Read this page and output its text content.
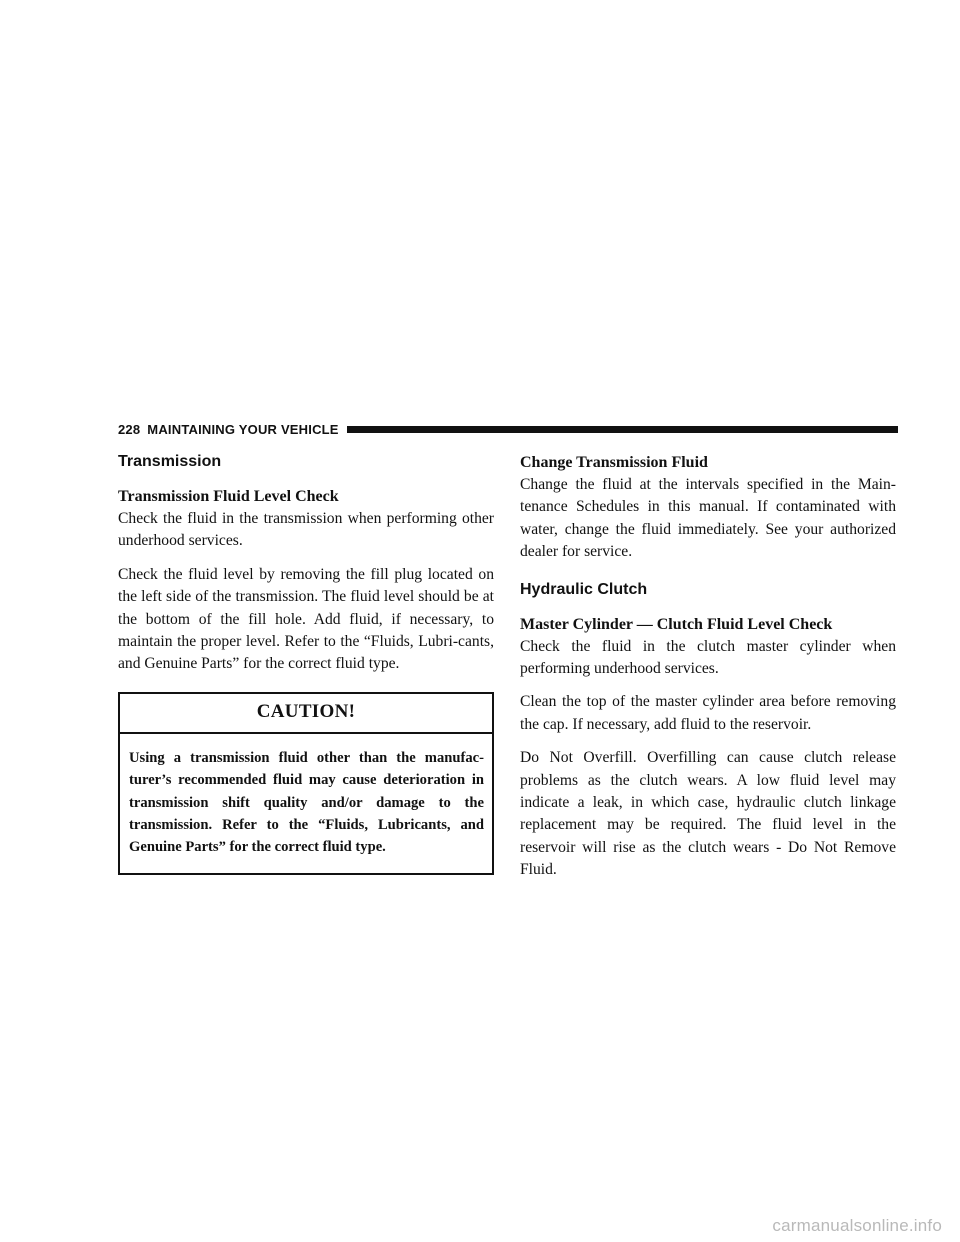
228 MAINTAINING YOUR VEHICLE
Transmission
Transmission Fluid Level Check

Check the fluid in the transmission when performing other underhood services.

Check the fluid level by removing the fill plug located on the left side of the transmission. The fluid level should be at the bottom of the fill hole. Add fluid, if necessary, to maintain the proper level. Refer to the “Fluids, Lubri-cants, and Genuine Parts” for the correct fluid type.

CAUTION!
Using a transmission fluid other than the manufac-turer’s recommended fluid may cause deterioration in transmission shift quality and/or damage to the transmission. Refer to the “Fluids, Lubricants, and Genuine Parts” for the correct fluid type.
Change Transmission Fluid

Change the fluid at the intervals specified in the Main-tenance Schedules in this manual. If contaminated with water, change the fluid immediately. See your authorized dealer for service.

Hydraulic Clutch
Master Cylinder — Clutch Fluid Level Check

Check the fluid in the clutch master cylinder when performing underhood services.

Clean the top of the master cylinder area before removing the cap. If necessary, add fluid to the reservoir.

Do Not Overfill. Overfilling can cause clutch release problems as the clutch wears. A low fluid level may indicate a leak, in which case, hydraulic clutch linkage replacement may be required. The fluid level in the reservoir will rise as the clutch wears - Do Not Remove Fluid.

carmanualsonline.info
